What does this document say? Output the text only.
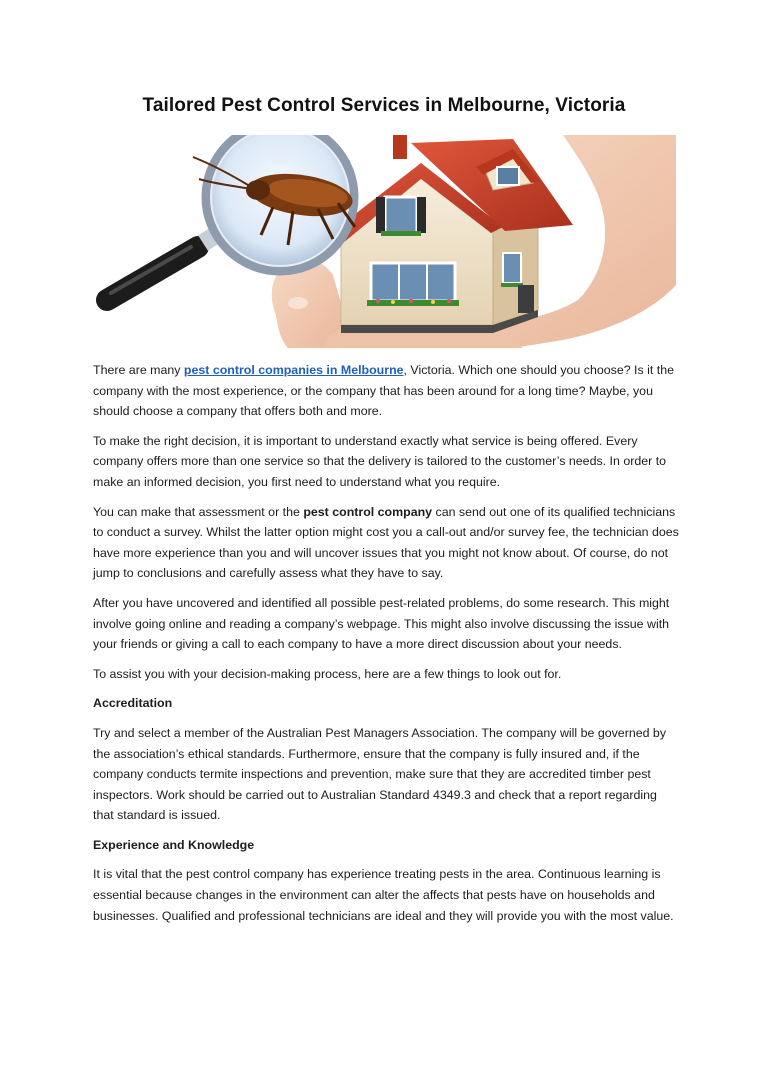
Tailored Pest Control Services in Melbourne, Victoria

There are many pest control companies in Melbourne, Victoria. Which one should you choose? Is it the company with the most experience, or the company that has been around for a long time? Maybe, you should choose a company that offers both and more.

To make the right decision, it is important to understand exactly what service is being offered. Every company offers more than one service so that the delivery is tailored to the customer’s needs. In order to make an informed decision, you first need to understand what you require.

You can make that assessment or the pest control company can send out one of its qualified technicians to conduct a survey. Whilst the latter option might cost you a call-out and/or survey fee, the technician does have more experience than you and will uncover issues that you might not know about. Of course, do not jump to conclusions and carefully assess what they have to say.

After you have uncovered and identified all possible pest-related problems, do some research. This might involve going online and reading a company’s webpage. This might also involve discussing the issue with your friends or giving a call to each company to have a more direct discussion about your needs.

To assist you with your decision-making process, here are a few things to look out for.

Accreditation

Try and select a member of the Australian Pest Managers Association. The company will be governed by the association’s ethical standards. Furthermore, ensure that the company is fully insured and, if the company conducts termite inspections and prevention, make sure that they are accredited timber pest inspectors. Work should be carried out to Australian Standard 4349.3 and check that a report regarding that standard is issued.

Experience and Knowledge

It is vital that the pest control company has experience treating pests in the area. Continuous learning is essential because changes in the environment can alter the affects that pests have on households and businesses. Qualified and professional technicians are ideal and they will provide you with the most value.
